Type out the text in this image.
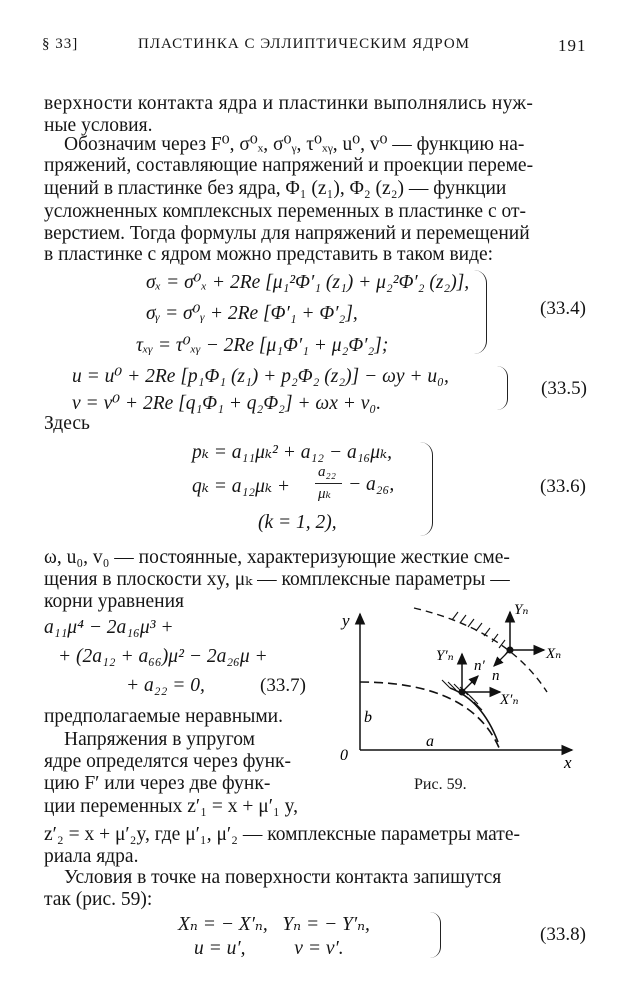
§ 33]	ПЛАСТИНКА С ЭЛЛИПТИЧЕСКИМ ЯДРОМ	191
верхности контакта ядра и пластинки выполнялись нуж-
ные условия.
Обозначим через F⁰, σ⁰ₓ, σ⁰ᵧ, τ⁰ₓᵧ, u⁰, v⁰ — функцию на-
пряжений, составляющие напряжений и проекции переме-
щений в пластинке без ядра, Φ₁ (z₁), Φ₂ (z₂) — функции
усложненных комплексных переменных в пластинке с от-
верстием. Тогда формулы для напряжений и перемещений
в пластинке с ядром можно представить в таком виде:
σₓ = σ⁰ₓ + 2Re [μ₁²Φ′₁ (z₁) + μ₂²Φ′₂ (z₂)],
σᵧ = σ⁰ᵧ + 2Re [Φ′₁ + Φ′₂],
τₓᵧ = τ⁰ₓᵧ − 2Re [μ₁Φ′₁ + μ₂Φ′₂];
(33.4)
u = u⁰ + 2Re [p₁Φ₁ (z₁) + p₂Φ₂ (z₂)] − ωy + u₀,
v = v⁰ + 2Re [q₁Φ₁ + q₂Φ₂] + ωx + v₀.
(33.5)
Здесь
pₖ = a₁₁μₖ² + a₁₂ − a₁₆μₖ,
qₖ = a₁₂μₖ +
a₂₂
μₖ − a₂₆,
(k = 1, 2),
(33.6)
ω, u₀, v₀ — постоянные, характеризующие жесткие сме-
щения в плоскости xy, μₖ — комплексные параметры —
корни уравнения
a₁₁μ⁴ − 2a₁₆μ³ +
+ (2a₁₂ + a₆₆)μ² − 2a₂₆μ +
+ a₂₂ = 0,	(33.7)
предполагаемые неравными.
Напряжения в упругом
ядре определятся через функ-
цию F′ или через две функ-
ции переменных z′₁ = x + μ′₁ y,
z′₂ = x + μ′₂y, где μ′₁, μ′₂ — комплексные параметры мате-
риала ядра.
y
x
0
b
a
Yₙ
Xₙ
Y′ₙ
X′ₙ
n′
n
Рис. 59.
Условия в точке на поверхности контакта запишутся
так (рис. 59):
Xₙ = − X′ₙ,   Yₙ = − Y′ₙ,
u = u′,          v = v′.
(33.8)
